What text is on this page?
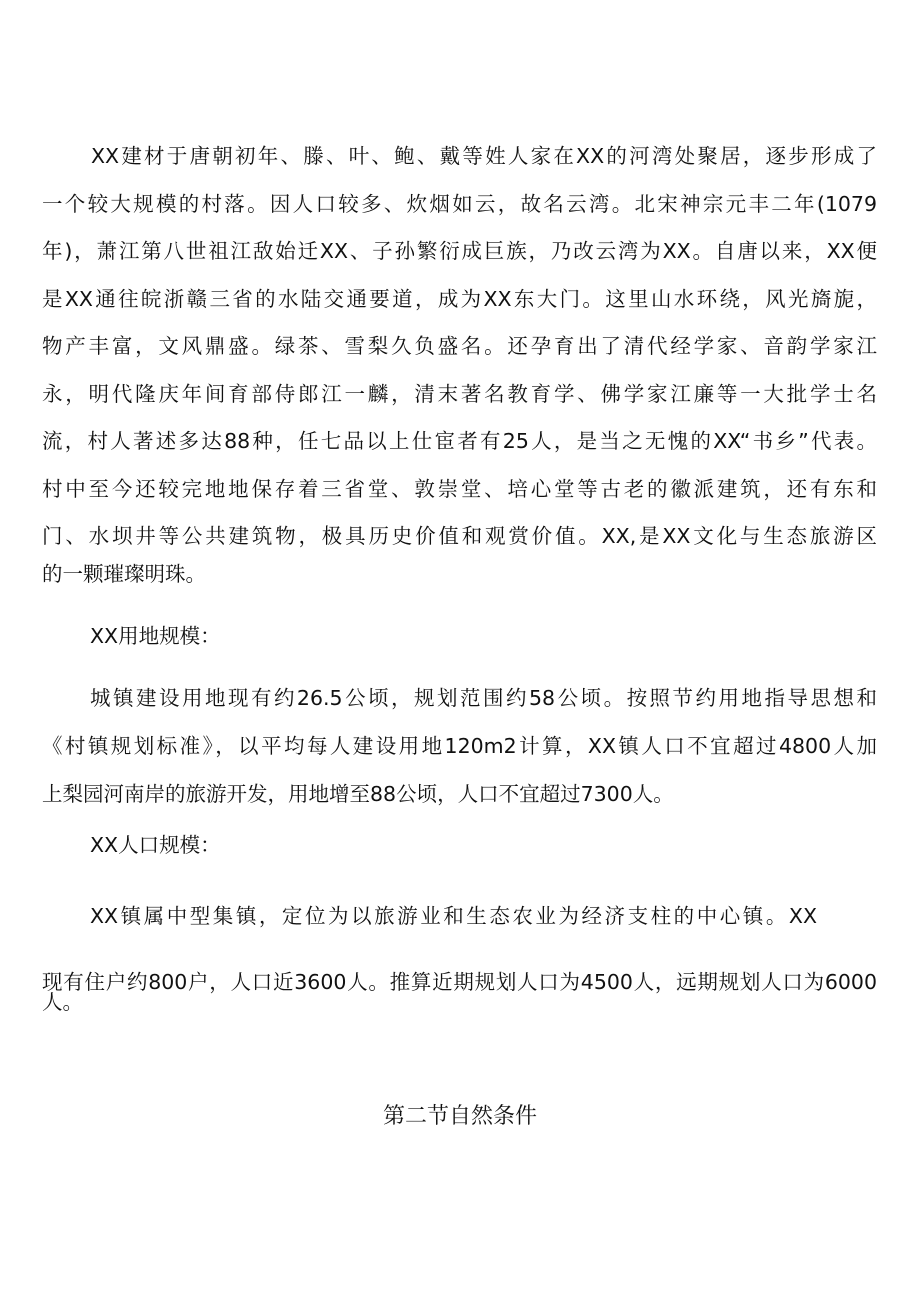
XX建材于唐朝初年、滕、叶、鲍、戴等姓人家在XX的河湾处聚居，逐步形成了
一个较大规模的村落。因人口较多、炊烟如云，故名云湾。北宋神宗元丰二年(1079
年)，萧江第八世祖江敌始迁XX、子孙繁衍成巨族，乃改云湾为XX。自唐以来，XX便
是XX通往皖浙赣三省的水陆交通要道，成为XX东大门。这里山水环绕，风光旖旎，
物产丰富，文风鼎盛。绿茶、雪梨久负盛名。还孕育出了清代经学家、音韵学家江
永，明代隆庆年间育部侍郎江一麟，清末著名教育学、佛学家江廉等一大批学士名
流，村人著述多达88种，任七品以上仕宦者有25人，是当之无愧的XX“书乡”代表。
村中至今还较完地地保存着三省堂、敦崇堂、培心堂等古老的徽派建筑，还有东和
门、水坝井等公共建筑物，极具历史价值和观赏价值。XX,是XX文化与生态旅游区
的一颗璀璨明珠。
XX用地规模：
城镇建设用地现有约26.5公顷，规划范围约58公顷。按照节约用地指导思想和
《村镇规划标准》，以平均每人建设用地120m2计算，XX镇人口不宜超过4800人加
上梨园河南岸的旅游开发，用地增至88公顷，人口不宜超过7300人。
XX人口规模：
XX镇属中型集镇，定位为以旅游业和生态农业为经济支柱的中心镇。XX
现有住户约800户，人口近3600人。推算近期规划人口为4500人，远期规划人口为6000
人。
第二节自然条件
